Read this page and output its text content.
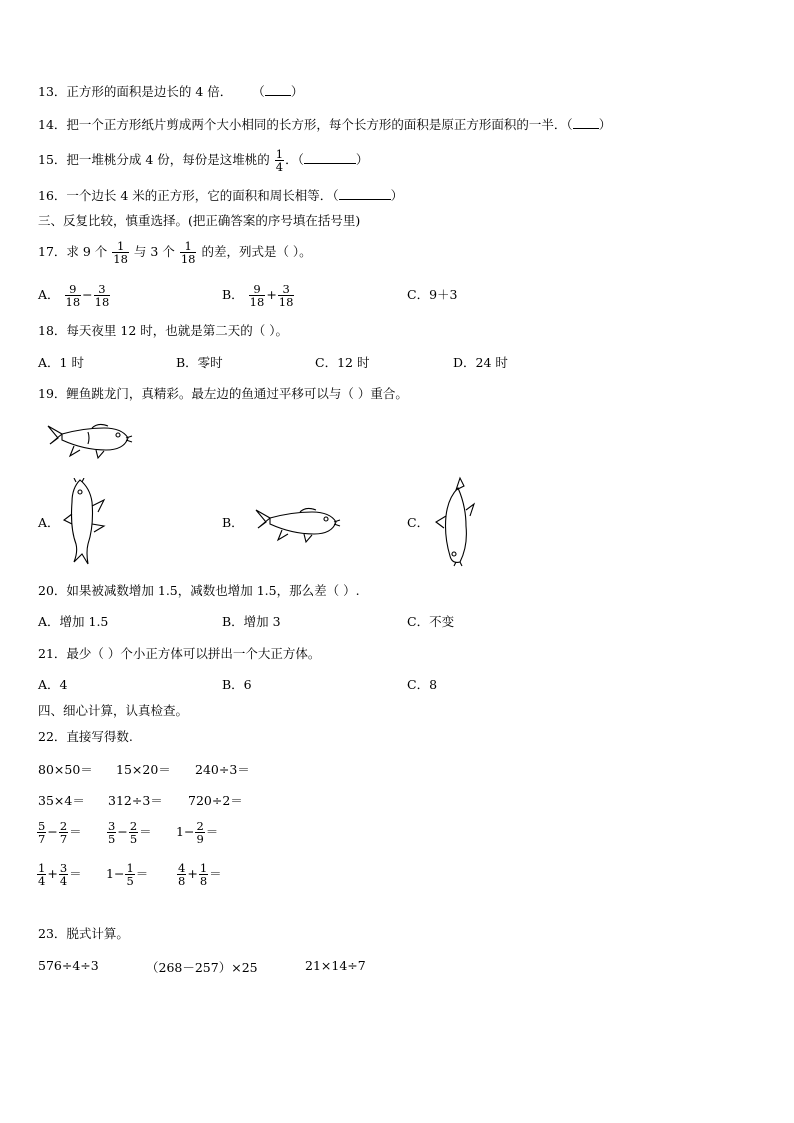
13．正方形的面积是边长的 4 倍． （ ）
14．把一个正方形纸片剪成两个大小相同的长方形，每个长方形的面积是原正方形面积的一半．（ ）
15．把一堆桃分成 4 份，每份是这堆桃的 $\frac{1}{4}$ ．（	）
16．一个边长 4 米的正方形，它的面积和周长相等．（	）
三、反复比较，慎重选择。(把正确答案的序号填在括号里)
17．求 9 个 $\frac{1}{18}$ 与 3 个 $\frac{1}{18}$ 的差，列式是（ ）。
A． $\frac{9}{18} - \frac{3}{18}$	B． $\frac{9}{18} + \frac{3}{18}$	C．9＋3
18．每天夜里 12 时，也就是第二天的（ ）。
A．1 时	B．零时	C．12 时	D．24 时
19．鲤鱼跳龙门，真精彩。最左边的鱼通过平移可以与（ ）重合。
A．	B．	C．
20．如果被减数增加 1.5，减数也增加 1.5，那么差（ ）.
A．增加 1.5	B．增加 3	C．不变
21．最少（ ）个小正方体可以拼出一个大正方体。
A．4	B．6	C．8
四、细心计算，认真检查。
22．直接写得数.
80×50＝ 15×20＝ 240÷3＝
35×4＝ 312÷3＝ 720÷2＝
$\frac{5}{7} - \frac{2}{7} = \frac{3}{5} - \frac{2}{5} = 1- \frac{2}{9}$ ＝
$\frac{1}{4} + \frac{3}{4} = 1- \frac{1}{5} = \frac{4}{8} + \frac{1}{8}$ ＝
23．脱式计算。
576÷4÷3	（268－257）×25	21×14÷7
